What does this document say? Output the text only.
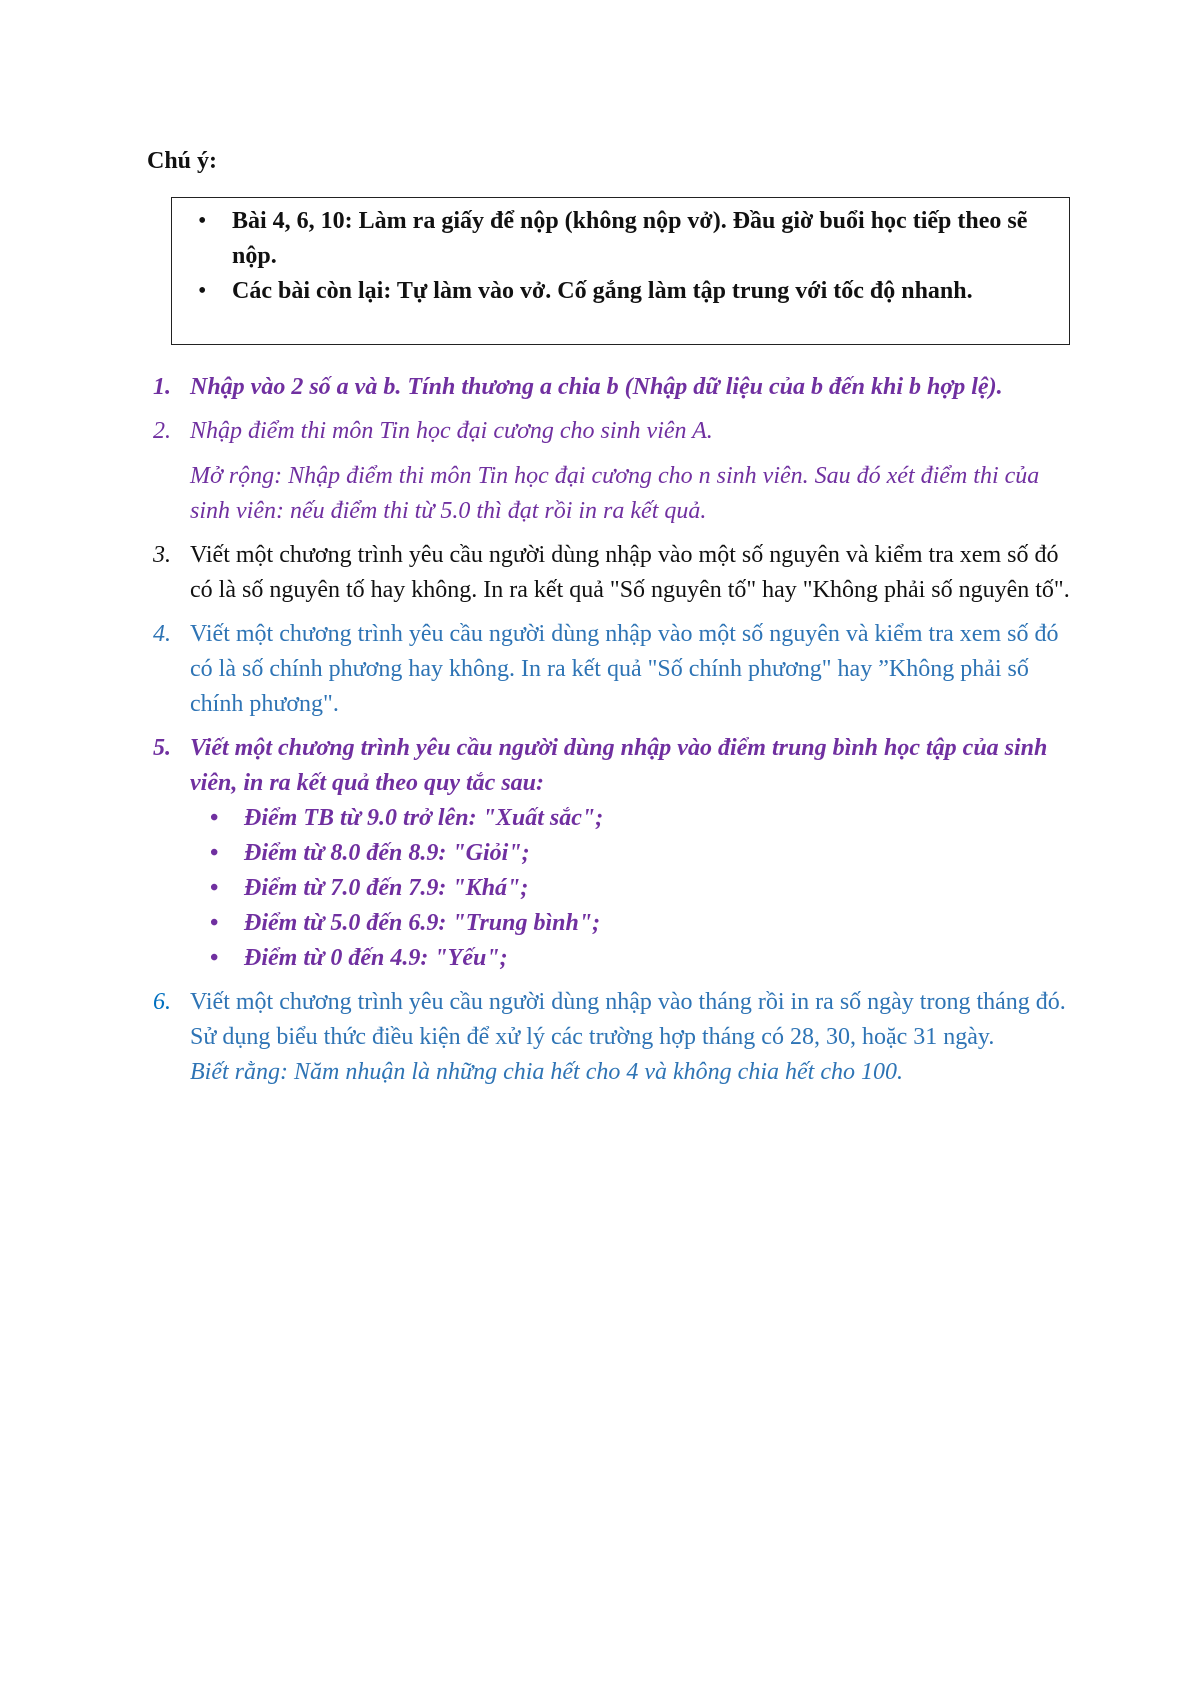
Chú ý:
• Bài 4, 6, 10: Làm ra giấy để nộp (không nộp vở). Đầu giờ buổi học tiếp theo sẽ nộp.
• Các bài còn lại: Tự làm vào vở. Cố gắng làm tập trung với tốc độ nhanh.
1. Nhập vào 2 số a và b. Tính thương a chia b (Nhập dữ liệu của b đến khi b hợp lệ).
2. Nhập điểm thi môn Tin học đại cương cho sinh viên A.
Mở rộng: Nhập điểm thi môn Tin học đại cương cho n sinh viên. Sau đó xét điểm thi của sinh viên: nếu điểm thi từ 5.0 thì đạt rồi in ra kết quả.
3. Viết một chương trình yêu cầu người dùng nhập vào một số nguyên và kiểm tra xem số đó có là số nguyên tố hay không. In ra kết quả "Số nguyên tố" hay "Không phải số nguyên tố".
4. Viết một chương trình yêu cầu người dùng nhập vào một số nguyên và kiểm tra xem số đó có là số chính phương hay không. In ra kết quả "Số chính phương" hay ”Không phải số chính phương".
5. Viết một chương trình yêu cầu người dùng nhập vào điểm trung bình học tập của sinh viên, in ra kết quả theo quy tắc sau:
• Điểm TB từ 9.0 trở lên: "Xuất sắc";
• Điểm từ 8.0 đến 8.9: "Giỏi";
• Điểm từ 7.0 đến 7.9: "Khá";
• Điểm từ 5.0 đến 6.9: "Trung bình";
• Điểm từ 0 đến 4.9: "Yếu";
6. Viết một chương trình yêu cầu người dùng nhập vào tháng rồi in ra số ngày trong tháng đó. Sử dụng biểu thức điều kiện để xử lý các trường hợp tháng có 28, 30, hoặc 31 ngày.
Biết rằng: Năm nhuận là những chia hết cho 4 và không chia hết cho 100.
